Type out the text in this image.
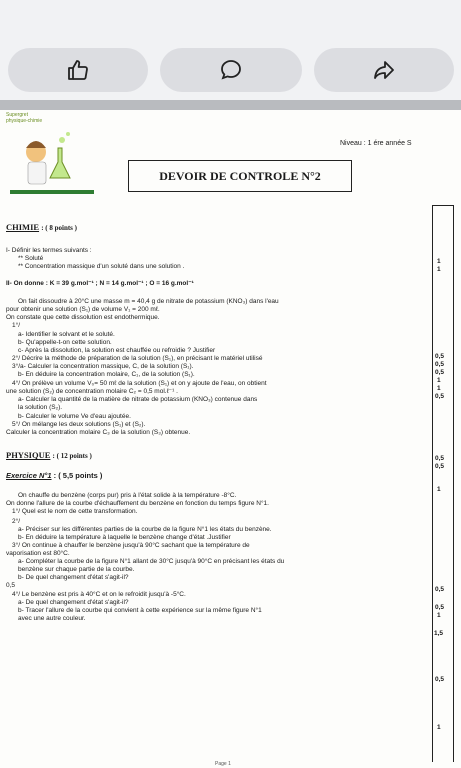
Supergret
physique-chimie
Niveau : 1 ére année S
DEVOIR DE CONTROLE N°2
CHIMIE : ( 8 points )
I- Définir les termes suivants :
** Soluté
** Concentration massique d'un soluté dans une solution .
II- On donne : K = 39 g.mol⁻¹ ; N = 14 g.mol⁻¹ ; O = 16 g.mol⁻¹
On fait dissoudre à 20°C une masse m = 40,4 g de nitrate de potassium (KNO₃) dans l'eau
pour obtenir une solution (S₁) de volume V₁ = 200 mℓ.
On constate que cette dissolution est endothermique.
1°/
a- Identifier le solvant et le soluté.
b- Qu'appelle-t-on cette solution.
c- Après la dissolution, la solution est chauffée ou refroidie ? Justifier
2°/ Décrire la méthode de préparation de la solution (S₁), en précisant le matériel utilisé
3°/a- Calculer la concentration massique, C, de la solution (S₁).
b- En déduire la concentration molaire, C₁, de la solution (S₁).
4°/ On prélève un volume V₀= 50 mℓ de la solution (S₁) et on y ajoute de l'eau, on obtient
une solution (S₂) de concentration molaire C₂ = 0,5 mol.ℓ⁻¹ .
a- Calculer la quantité de la matière de nitrate de potassium (KNO₃) contenue dans
la solution (S₂).
b- Calculer le volume Ve d'eau ajoutée.
5°/ On mélange les deux solutions (S₁) et (S₂).
Calculer la concentration molaire C₃ de la solution (S₃) obtenue.
PHYSIQUE : ( 12 points )
Exercice N°1 : ( 5,5 points )
On chauffe du benzène (corps pur) pris à l'état solide à la température -8°C.
On donne l'allure de la courbe d'échauffement du benzène en fonction du temps figure N°1.
1°/ Quel est le nom de cette transformation.
2°/
a- Préciser sur les différentes parties de la courbe de la figure N°1 les états du benzène.
b- En déduire la température à laquelle le benzène change d'état .Justifier
3°/ On continue à chauffer le benzène jusqu'à 90°C sachant que la température de
vaporisation est 80°C.
a- Compléter la courbe de la figure N°1 allant de 30°C jusqu'à 90°C en précisant les états du
benzène sur chaque partie de la courbe.
b- De quel changement d'état s'agit-il?
0,5
4°/ Le benzène est pris à 40°C et on le refroidit jusqu'à -5°C.
a- De quel changement d'état s'agit-il?
b- Tracer l'allure de la courbe qui convient à cette expérience sur la même figure N°1
avec une autre couleur.
1
1
0,5
0,5
0,5
1
1
0,5
0,5
0,5
1
0,5
0,5
1
1,5
0,5
1
Page 1
